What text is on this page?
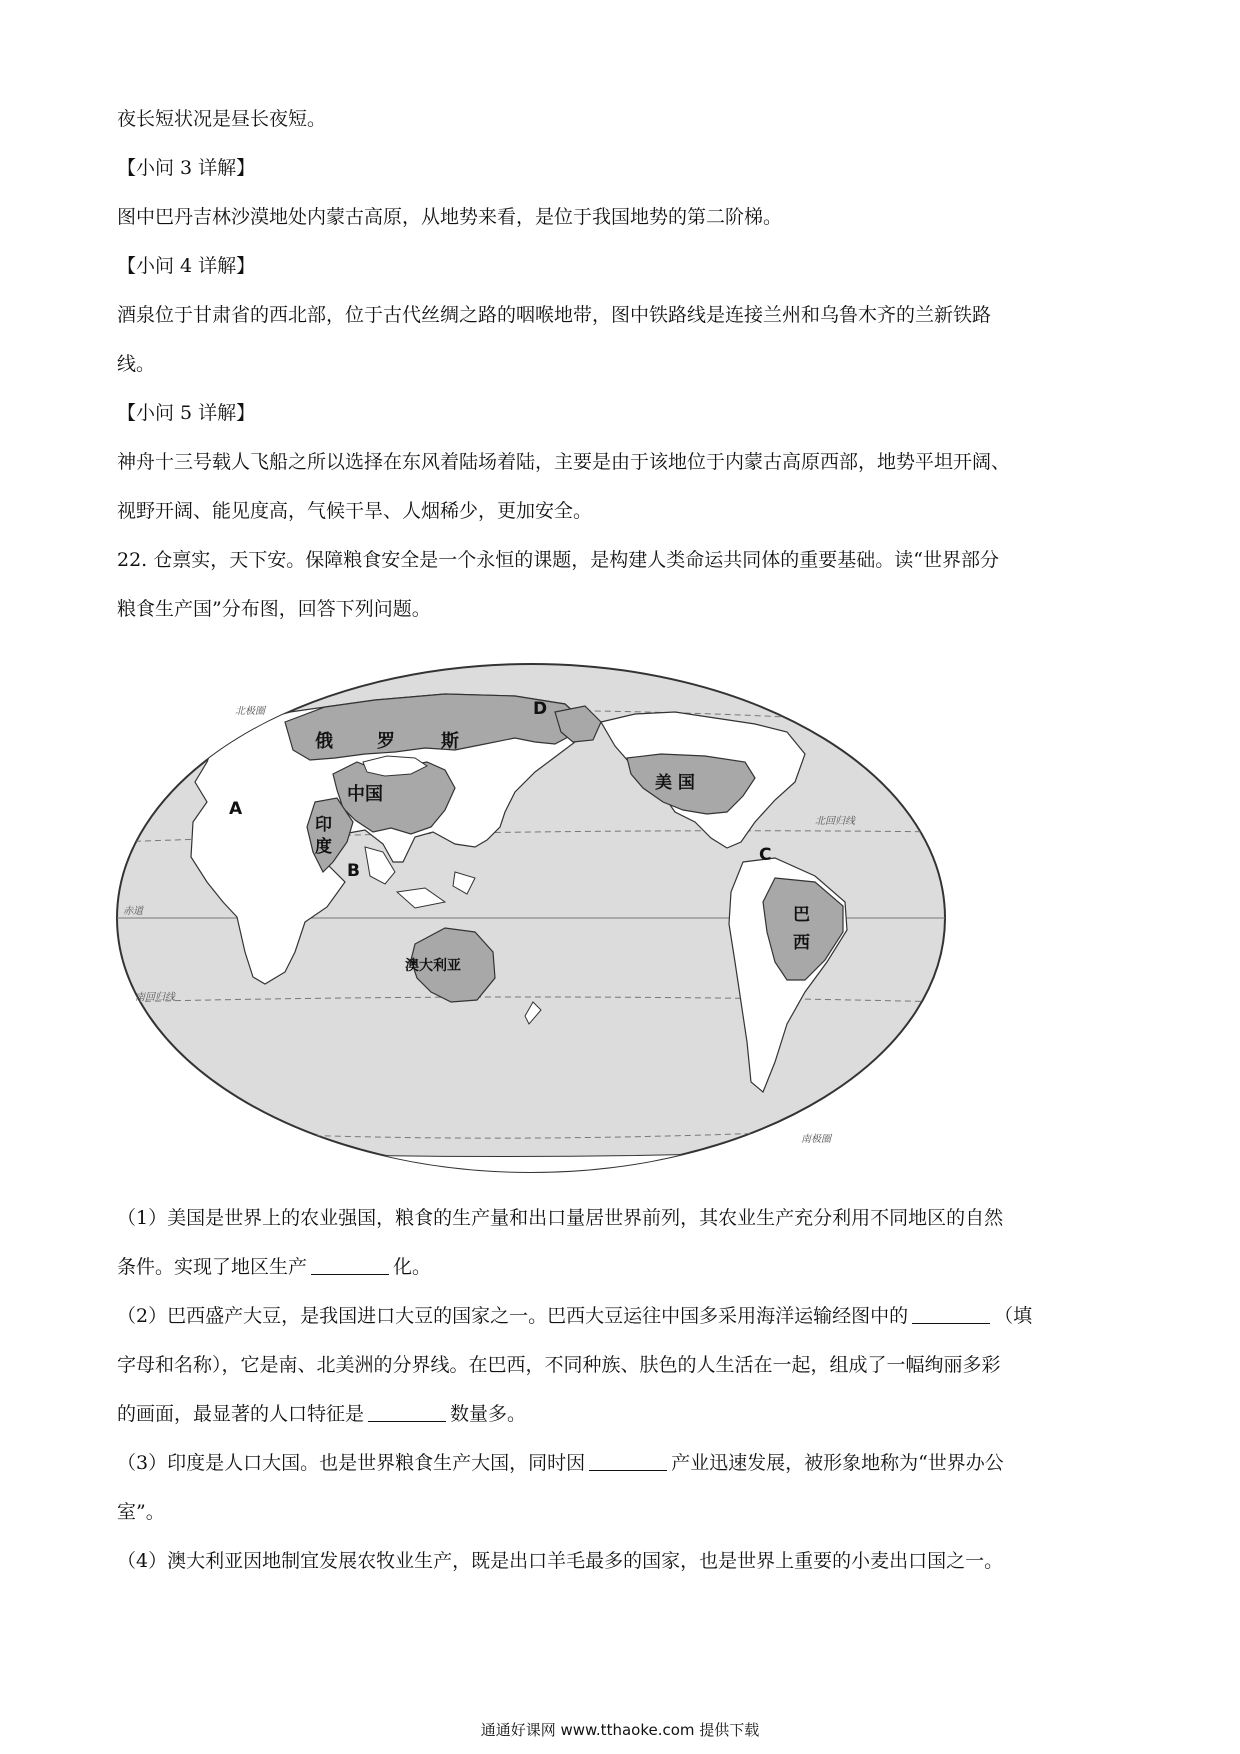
夜长短状况是昼长夜短。
【小问 3 详解】
图中巴丹吉林沙漠地处内蒙古高原，从地势来看，是位于我国地势的第二阶梯。
【小问 4 详解】
酒泉位于甘肃省的西北部，位于古代丝绸之路的咽喉地带，图中铁路线是连接兰州和乌鲁木齐的兰新铁路
线。
【小问 5 详解】
神舟十三号载人飞船之所以选择在东风着陆场着陆，主要是由于该地位于内蒙古高原西部，地势平坦开阔、
视野开阔、能见度高，气候干旱、人烟稀少，更加安全。
22. 仓禀实，天下安。保障粮食安全是一个永恒的课题，是构建人类命运共同体的重要基础。读“世界部分
粮食生产国”分布图，回答下列问题。
北极圈
北回归线
赤道
南回归线
南极圈
俄 罗	斯
中国
印
度
美 国
巴
西
澳大利亚
A
B
C
D
（1）美国是世界上的农业强国，粮食的生产量和出口量居世界前列，其农业生产充分利用不同地区的自然
条件。实现了地区生产	化。
（2）巴西盛产大豆，是我国进口大豆的国家之一。巴西大豆运往中国多采用海洋运输经图中的	（填
字母和名称），它是南、北美洲的分界线。在巴西，不同种族、肤色的人生活在一起，组成了一幅绚丽多彩
的画面，最显著的人口特征是	数量多。
（3）印度是人口大国。也是世界粮食生产大国，同时因	产业迅速发展，被形象地称为“世界办公
室”。
（4）澳大利亚因地制宜发展农牧业生产，既是出口羊毛最多的国家，也是世界上重要的小麦出口国之一。
通通好课网 www.tthaoke.com 提供下载
